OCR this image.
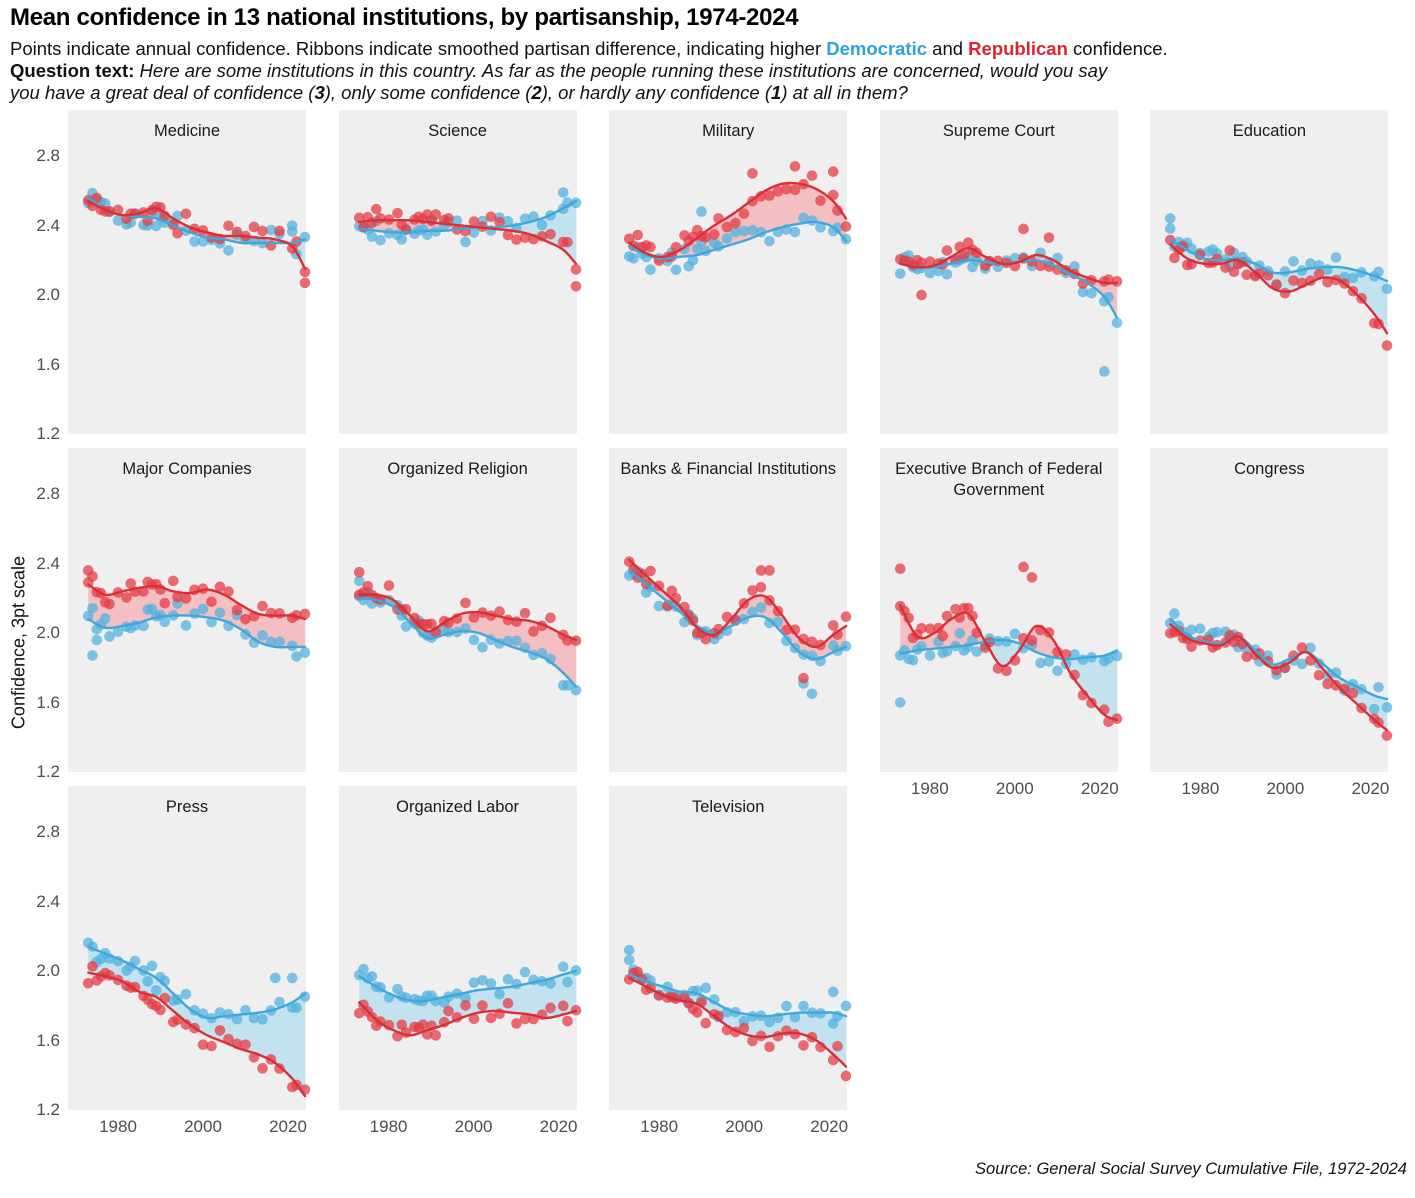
Mean confidence in 13 national institutions, by partisanship, 1974-2024
Points indicate annual confidence. Ribbons indicate smoothed partisan difference, indicating higher Democratic and Republican confidence.
Question text: Here are some institutions in this country. As far as the people running these institutions are concerned, would you say
you have a great deal of confidence (3), only some confidence (2), or hardly any confidence (1) at all in them?
Confidence, 3pt scale
2.8
2.4
2.0
1.6
1.2
2.8
2.4
2.0
1.6
1.2
2.8
2.4
2.0
1.6
1.2
Medicine	Science	Military	Supreme Court	Education
Major Companies	Organized Religion	Banks & Financial Institutions	Executive Branch of Federal Government
1980	2000	2020
Congress
1980	2000	2020
Press
1980	2000	2020
Organized Labor
1980	2000	2020
Television
1980	2000	2020
Source: General Social Survey Cumulative File, 1972-2024
